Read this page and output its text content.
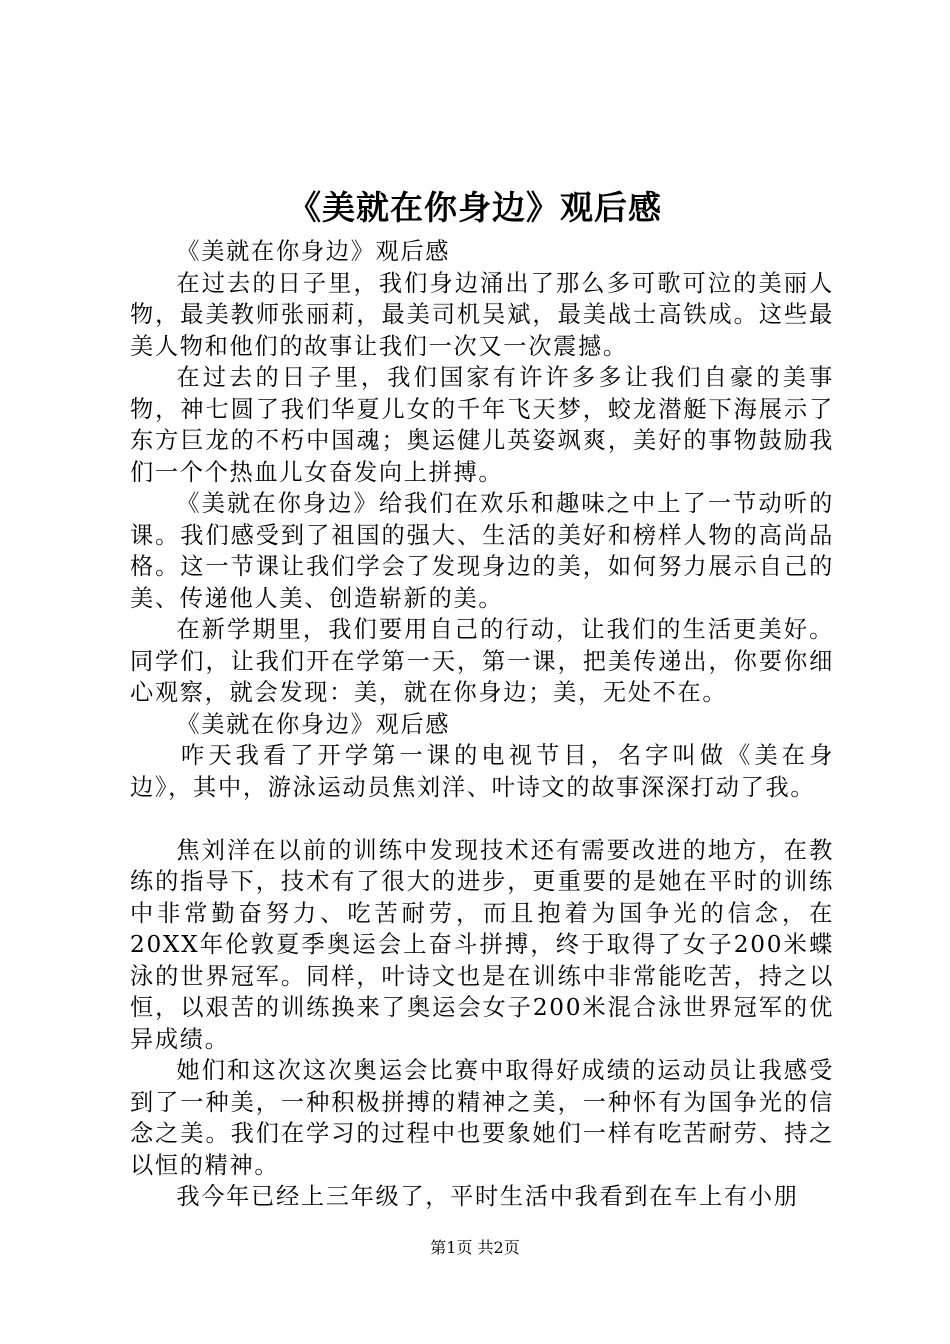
《美就在你身边》观后感

《美就在你身边》观后感

在过去的日子里，我们身边涌出了那么多可歌可泣的美丽人物，最美教师张丽莉，最美司机吴斌，最美战士高铁成。这些最美人物和他们的故事让我们一次又一次震撼。

在过去的日子里，我们国家有许许多多让我们自豪的美事物，神七圆了我们华夏儿女的千年飞天梦，蛟龙潜艇下海展示了东方巨龙的不朽中国魂；奥运健儿英姿飒爽，美好的事物鼓励我们一个个热血儿女奋发向上拼搏。

《美就在你身边》给我们在欢乐和趣味之中上了一节动听的课。我们感受到了祖国的强大、生活的美好和榜样人物的高尚品格。这一节课让我们学会了发现身边的美，如何努力展示自己的美、传递他人美、创造崭新的美。

在新学期里，我们要用自己的行动，让我们的生活更美好。同学们，让我们开在学第一天，第一课，把美传递出，你要你细心观察，就会发现：美，就在你身边；美，无处不在。

《美就在你身边》观后感

咋天我看了开学第一课的电视节目，名字叫做《美在身边》，其中，游泳运动员焦刘洋、叶诗文的故事深深打动了我。

焦刘洋在以前的训练中发现技术还有需要改进的地方，在教练的指导下，技术有了很大的进步，更重要的是她在平时的训练中非常勤奋努力、吃苦耐劳，而且抱着为国争光的信念，在20XX年伦敦夏季奥运会上奋斗拼搏，终于取得了女子200米蝶泳的世界冠军。同样，叶诗文也是在训练中非常能吃苦，持之以恒，以艰苦的训练换来了奥运会女子200米混合泳世界冠军的优异成绩。

她们和这次这次奥运会比赛中取得好成绩的运动员让我感受到了一种美，一种积极拼搏的精神之美，一种怀有为国争光的信念之美。我们在学习的过程中也要象她们一样有吃苦耐劳、持之以恒的精神。

我今年已经上三年级了，平时生活中我看到在车上有小朋

第1页 共2页
